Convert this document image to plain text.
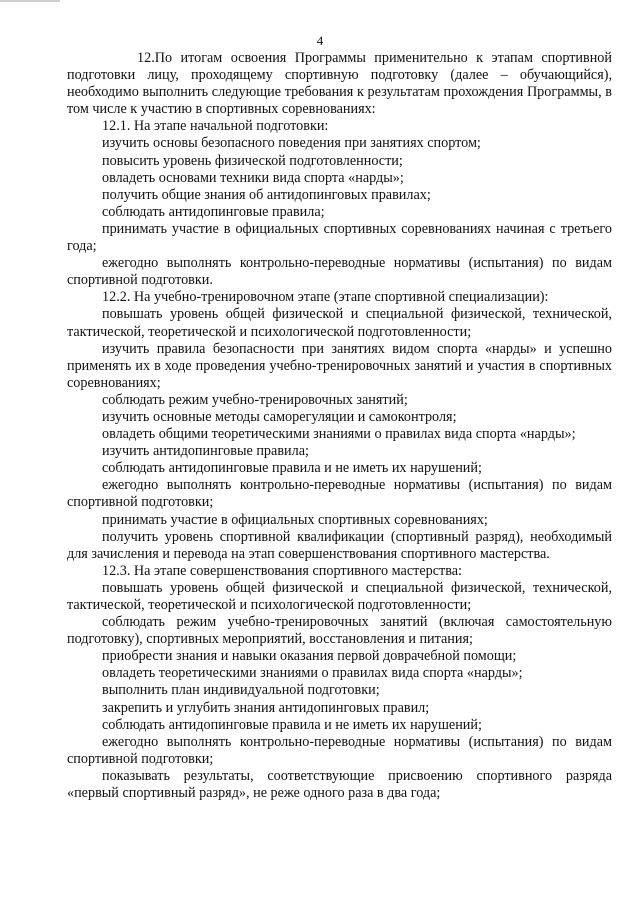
4

12.По итогам освоения Программы применительно к этапам спортивной подготовки лицу, проходящему спортивную подготовку (далее – обучающийся), необходимо выполнить следующие требования к результатам прохождения Программы, в том числе к участию в спортивных соревнованиях:

12.1. На этапе начальной подготовки:

изучить основы безопасного поведения при занятиях спортом;

повысить уровень физической подготовленности;

овладеть основами техники вида спорта «нарды»;

получить общие знания об антидопинговых правилах;

соблюдать антидопинговые правила;

принимать участие в официальных спортивных соревнованиях начиная с третьего года;

ежегодно выполнять контрольно-переводные нормативы (испытания) по видам спортивной подготовки.

12.2. На учебно-тренировочном этапе (этапе спортивной специализации):

повышать уровень общей физической и специальной физической, технической, тактической, теоретической и психологической подготовленности;

изучить правила безопасности при занятиях видом спорта «нарды» и успешно применять их в ходе проведения учебно-тренировочных занятий и участия в спортивных соревнованиях;

соблюдать режим учебно-тренировочных занятий;

изучить основные методы саморегуляции и самоконтроля;

овладеть общими теоретическими знаниями о правилах вида спорта «нарды»;

изучить антидопинговые правила;

соблюдать антидопинговые правила и не иметь их нарушений;

ежегодно выполнять контрольно-переводные нормативы (испытания) по видам спортивной подготовки;

принимать участие в официальных спортивных соревнованиях;

получить уровень спортивной квалификации (спортивный разряд), необходимый для зачисления и перевода на этап совершенствования спортивного мастерства.

12.3. На этапе совершенствования спортивного мастерства:

повышать уровень общей физической и специальной физической, технической, тактической, теоретической и психологической подготовленности;

соблюдать режим учебно-тренировочных занятий (включая самостоятельную подготовку), спортивных мероприятий, восстановления и питания;

приобрести знания и навыки оказания первой доврачебной помощи;

овладеть теоретическими знаниями о правилах вида спорта «нарды»;

выполнить план индивидуальной подготовки;

закрепить и углубить знания антидопинговых правил;

соблюдать антидопинговые правила и не иметь их нарушений;

ежегодно выполнять контрольно-переводные нормативы (испытания) по видам спортивной подготовки;

показывать результаты, соответствующие присвоению спортивного разряда «первый спортивный разряд», не реже одного раза в два года;
